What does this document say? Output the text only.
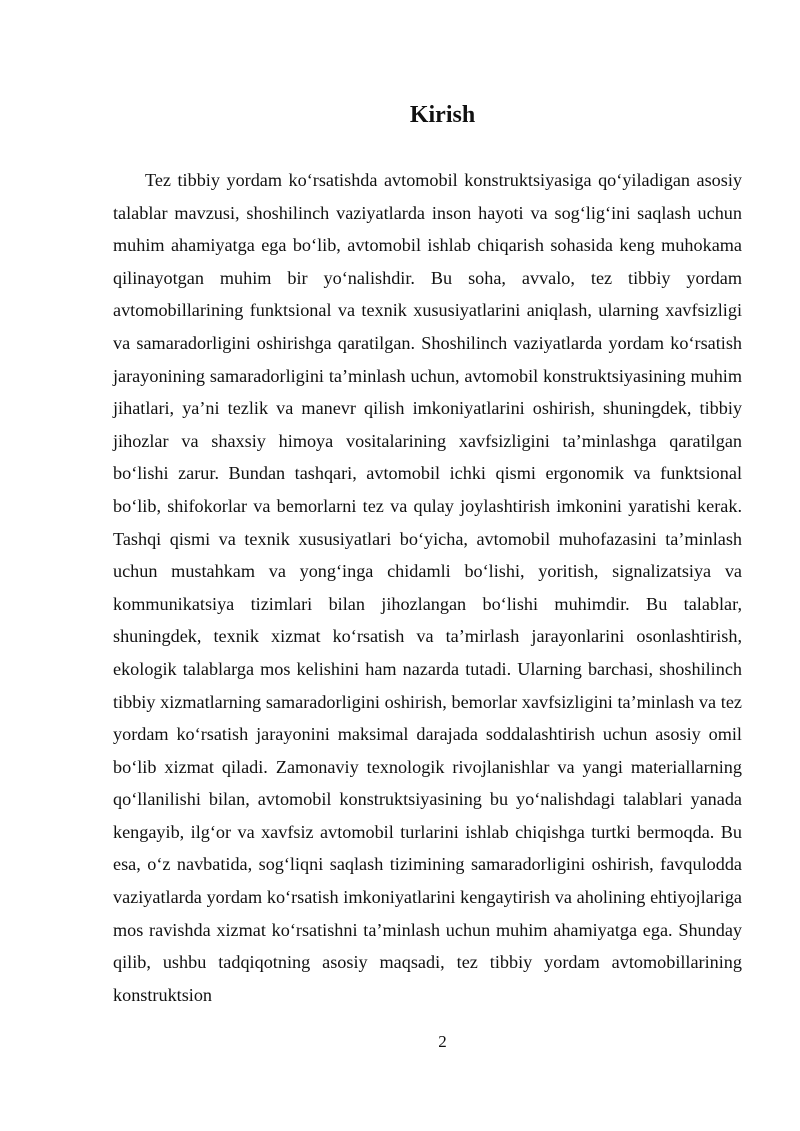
Kirish

Tez tibbiy yordam ko‘rsatishda avtomobil konstruktsiyasiga qo‘yiladigan asosiy talablar mavzusi, shoshilinch vaziyatlarda inson hayoti va sog‘lig‘ini saqlash uchun muhim ahamiyatga ega bo‘lib, avtomobil ishlab chiqarish sohasida keng muhokama qilinayotgan muhim bir yo‘nalishdir. Bu soha, avvalo, tez tibbiy yordam avtomobillarining funktsional va texnik xususiyatlarini aniqlash, ularning xavfsizligi va samaradorligini oshirishga qaratilgan. Shoshilinch vaziyatlarda yordam ko‘rsatish jarayonining samaradorligini ta’minlash uchun, avtomobil konstruktsiyasining muhim jihatlari, ya’ni tezlik va manevr qilish imkoniyatlarini oshirish, shuningdek, tibbiy jihozlar va shaxsiy himoya vositalarining xavfsizligini ta’minlashga qaratilgan bo‘lishi zarur. Bundan tashqari, avtomobil ichki qismi ergonomik va funktsional bo‘lib, shifokorlar va bemorlarni tez va qulay joylashtirish imkonini yaratishi kerak. Tashqi qismi va texnik xususiyatlari bo‘yicha, avtomobil muhofazasini ta’minlash uchun mustahkam va yong‘inga chidamli bo‘lishi, yoritish, signalizatsiya va kommunikatsiya tizimlari bilan jihozlangan bo‘lishi muhimdir. Bu talablar, shuningdek, texnik xizmat ko‘rsatish va ta’mirlash jarayonlarini osonlashtirish, ekologik talablarga mos kelishini ham nazarda tutadi. Ularning barchasi, shoshilinch tibbiy xizmatlarning samaradorligini oshirish, bemorlar xavfsizligini ta’minlash va tez yordam ko‘rsatish jarayonini maksimal darajada soddalashtirish uchun asosiy omil bo‘lib xizmat qiladi. Zamonaviy texnologik rivojlanishlar va yangi materiallarning qo‘llanilishi bilan, avtomobil konstruktsiyasining bu yo‘nalishdagi talablari yanada kengayib, ilg‘or va xavfsiz avtomobil turlarini ishlab chiqishga turtki bermoqda. Bu esa, o‘z navbatida, sog‘liqni saqlash tizimining samaradorligini oshirish, favqulodda vaziyatlarda yordam ko‘rsatish imkoniyatlarini kengaytirish va aholining ehtiyojlariga mos ravishda xizmat ko‘rsatishni ta’minlash uchun muhim ahamiyatga ega. Shunday qilib, ushbu tadqiqotning asosiy maqsadi, tez tibbiy yordam avtomobillarining konstruktsion

2
